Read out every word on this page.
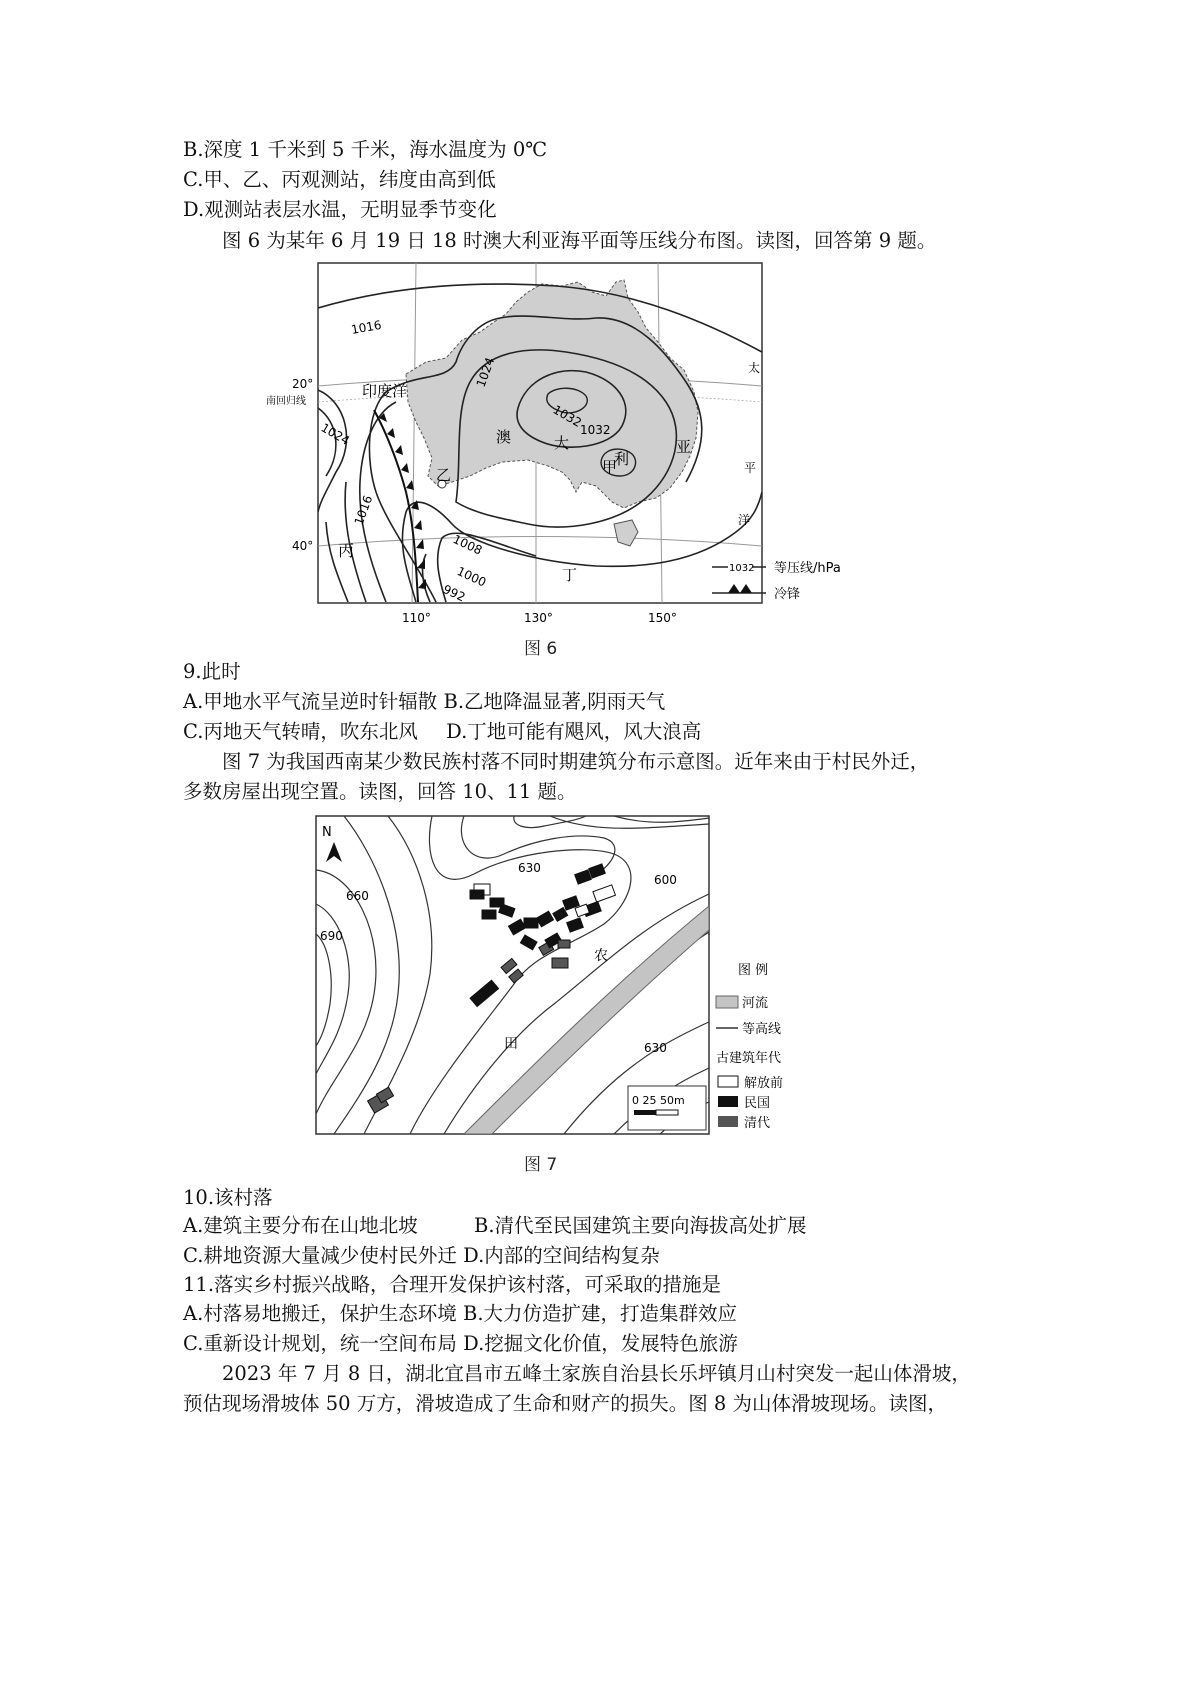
B.深度 1 千米到 5 千米，海水温度为 0℃
C.甲、乙、丙观测站，纬度由高到低
D.观测站表层水温，无明显季节变化
图 6 为某年 6 月 19 日 18 时澳大利亚海平面等压线分布图。读图，回答第 9 题。
20°
南回归线
40°
110°	130°	150°
1016
1024
1024
1016
1008
1000
992
1032
1032
印度洋
澳	大
利
亚
乙	甲
丙
丁
太
平
洋
1032 等压线/hPa
冷锋
图 6
9.此时
A.甲地水平气流呈逆时针辐散 B.乙地降温显著,阴雨天气
C.丙地天气转晴，吹东北风 D.丁地可能有飓风，风大浪高
图 7 为我国西南某少数民族村落不同时期建筑分布示意图。近年来由于村民外迁，
多数房屋出现空置。读图，回答 10、11 题。
N
630
600
660
690
630
农
田
0 25 50m
图 例
河流
等高线
古建筑年代
解放前
民国
清代
图 7
10.该村落
A.建筑主要分布在山地北坡	B.清代至民国建筑主要向海拔高处扩展
C.耕地资源大量减少使村民外迁 D.内部的空间结构复杂
11.落实乡村振兴战略，合理开发保护该村落，可采取的措施是
A.村落易地搬迁，保护生态环境 B.大力仿造扩建，打造集群效应
C.重新设计规划，统一空间布局 D.挖掘文化价值，发展特色旅游
2023 年 7 月 8 日，湖北宜昌市五峰土家族自治县长乐坪镇月山村突发一起山体滑坡，
预估现场滑坡体 50 万方，滑坡造成了生命和财产的损失。图 8 为山体滑坡现场。读图，
